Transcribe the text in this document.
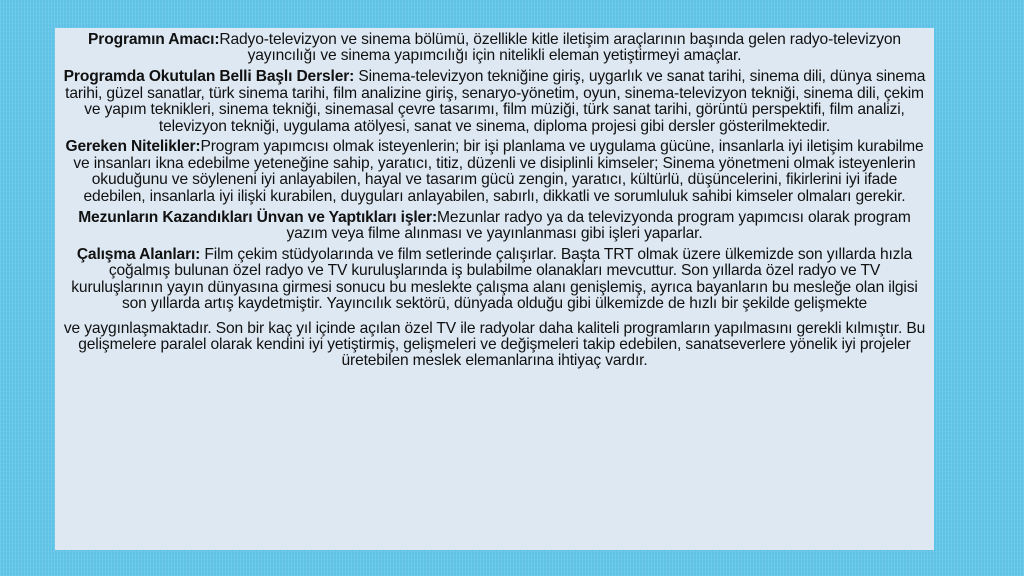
Programın Amacı:Radyo-televizyon ve sinema bölümü, özellikle kitle iletişim araçlarının başında gelen radyo-televizyon yayıncılığı ve sinema yapımcılığı için nitelikli eleman yetiştirmeyi amaçlar.

Programda Okutulan Belli Başlı Dersler: Sinema-televizyon tekniğine giriş, uygarlık ve sanat tarihi, sinema dili, dünya sinema tarihi, güzel sanatlar, türk sinema tarihi, film analizine giriş, senaryo-yönetim, oyun, sinema-televizyon tekniği, sinema dili, çekim ve yapım teknikleri, sinema tekniği, sinemasal çevre tasarımı, film müziği, türk sanat tarihi, görüntü perspektifi, film analizi, televizyon tekniği, uygulama atölyesi, sanat ve sinema, diploma projesi gibi dersler gösterilmektedir.

Gereken Nitelikler:Program yapımcısı olmak isteyenlerin; bir işi planlama ve uygulama gücüne, insanlarla iyi iletişim kurabilme ve insanları ikna edebilme yeteneğine sahip, yaratıcı, titiz, düzenli ve disiplinli kimseler; Sinema yönetmeni olmak isteyenlerin okuduğunu ve söyleneni iyi anlayabilen, hayal ve tasarım gücü zengin, yaratıcı, kültürlü, düşüncelerini, fikirlerini iyi ifade edebilen, insanlarla iyi ilişki kurabilen, duyguları anlayabilen, sabırlı, dikkatli ve sorumluluk sahibi kimseler olmaları gerekir.

Mezunların Kazandıkları Ünvan ve Yaptıkları işler:Mezunlar radyo ya da televizyonda program yapımcısı olarak program yazım veya filme alınması ve yayınlanması gibi işleri yaparlar.

Çalışma Alanları: Film çekim stüdyolarında ve film setlerinde çalışırlar. Başta TRT olmak üzere ülkemizde son yıllarda hızla çoğalmış bulunan özel radyo ve TV kuruluşlarında iş bulabilme olanakları mevcuttur. Son yıllarda özel radyo ve TV kuruluşlarının yayın dünyasına girmesi sonucu bu meslekte çalışma alanı genişlemiş, ayrıca bayanların bu mesleğe olan ilgisi son yıllarda artış kaydetmiştir. Yayıncılık sektörü, dünyada olduğu gibi ülkemizde de hızlı bir şekilde gelişmekte

ve yaygınlaşmaktadır. Son bir kaç yıl içinde açılan özel TV ile radyolar daha kaliteli programların yapılmasını gerekli kılmıştır. Bu gelişmelere paralel olarak kendini iyi yetiştirmiş, gelişmeleri ve değişmeleri takip edebilen, sanatseverlere yönelik iyi projeler üretebilen meslek elemanlarına ihtiyaç vardır.
